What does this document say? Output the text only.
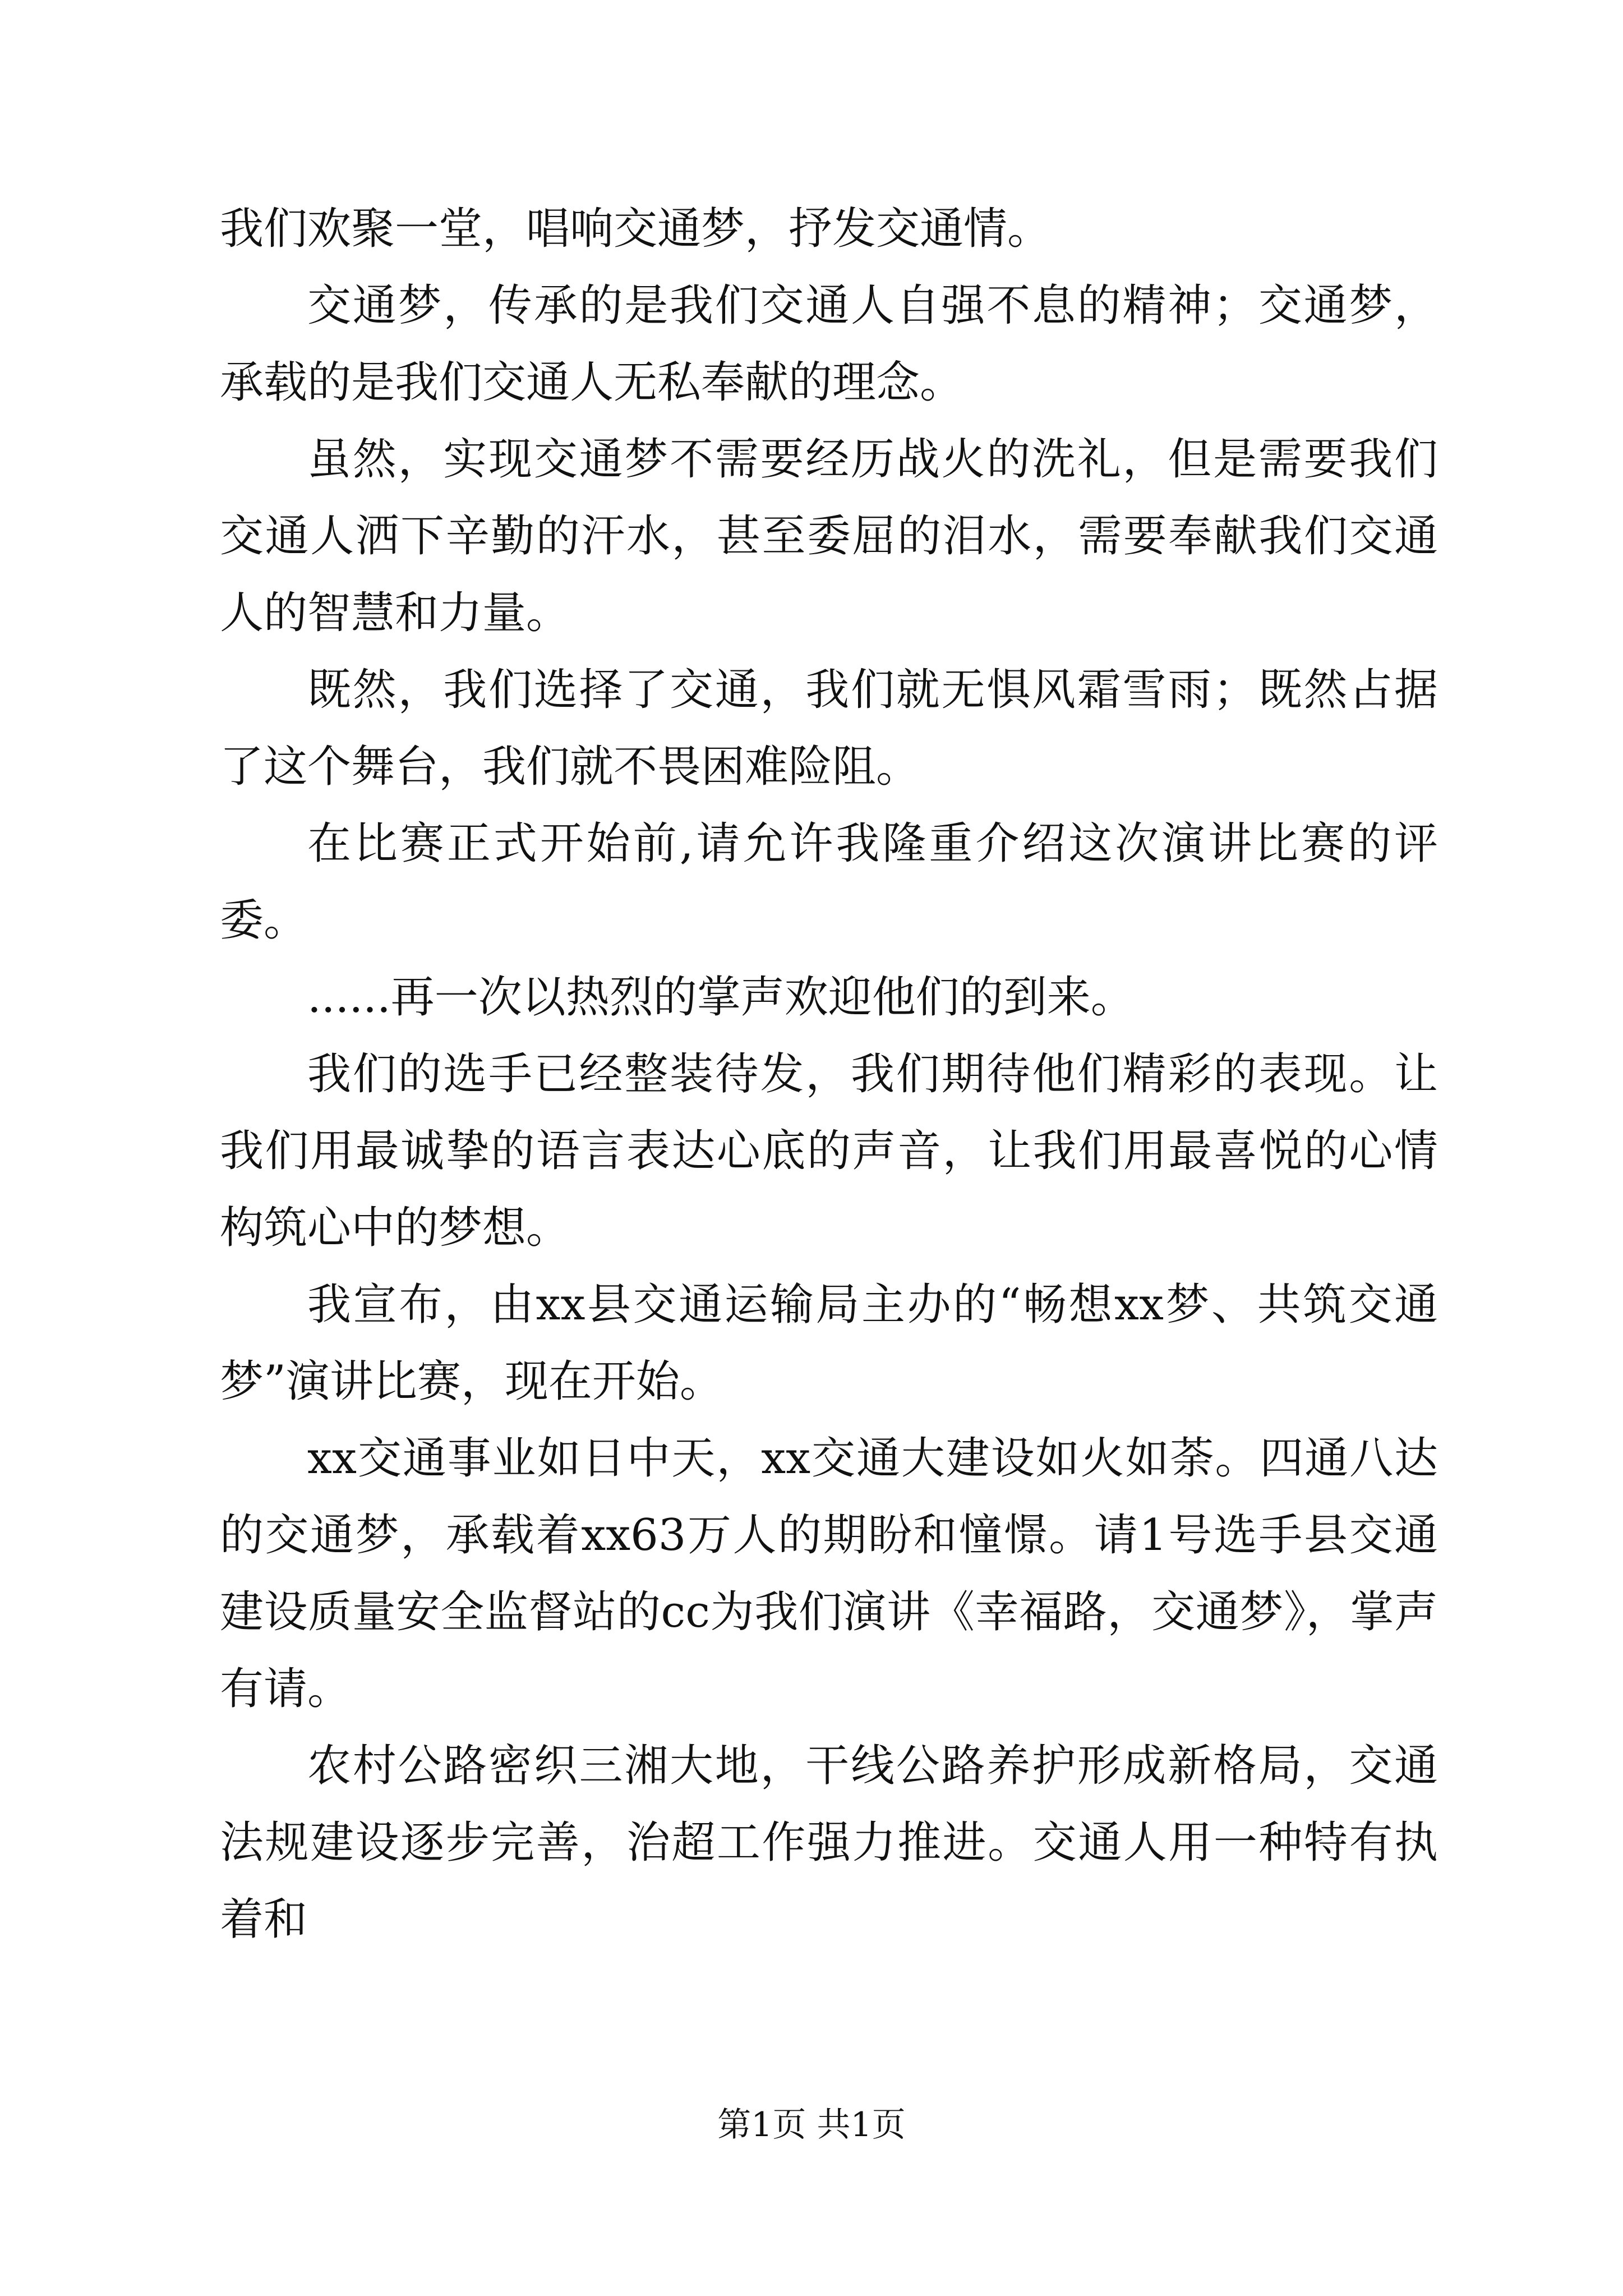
我们欢聚一堂，唱响交通梦，抒发交通情。

交通梦，传承的是我们交通人自强不息的精神；交通梦，承载的是我们交通人无私奉献的理念。

虽然，实现交通梦不需要经历战火的洗礼，但是需要我们交通人洒下辛勤的汗水，甚至委屈的泪水，需要奉献我们交通人的智慧和力量。

既然，我们选择了交通，我们就无惧风霜雪雨；既然占据了这个舞台，我们就不畏困难险阻。

在比赛正式开始前,请允许我隆重介绍这次演讲比赛的评委。

......再一次以热烈的掌声欢迎他们的到来。

我们的选手已经整装待发，我们期待他们精彩的表现。让我们用最诚挚的语言表达心底的声音，让我们用最喜悦的心情构筑心中的梦想。

我宣布，由xx县交通运输局主办的“畅想xx梦、共筑交通梦”演讲比赛，现在开始。

xx交通事业如日中天，xx交通大建设如火如荼。四通八达的交通梦，承载着xx63万人的期盼和憧憬。请1号选手县交通建设质量安全监督站的cc为我们演讲《幸福路，交通梦》，掌声有请。

农村公路密织三湘大地，干线公路养护形成新格局，交通法规建设逐步完善，治超工作强力推进。交通人用一种特有执着和

第1页 共1页
